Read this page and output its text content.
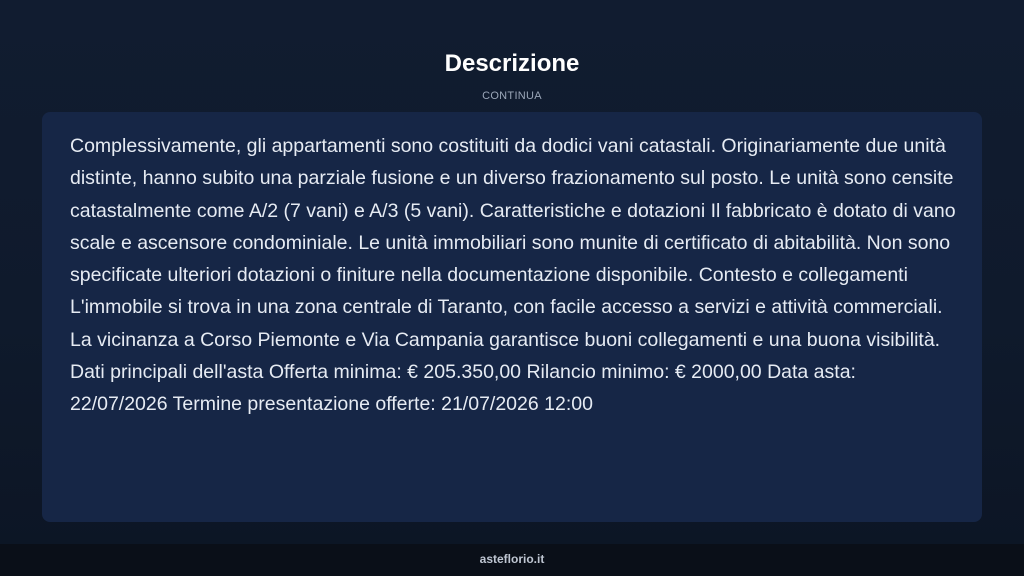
Descrizione
CONTINUA

Complessivamente, gli appartamenti sono costituiti da dodici vani catastali. Originariamente due unità distinte, hanno subito una parziale fusione e un diverso frazionamento sul posto. Le unità sono censite catastalmente come A/2 (7 vani) e A/3 (5 vani). Caratteristiche e dotazioni Il fabbricato è dotato di vano scale e ascensore condominiale. Le unità immobiliari sono munite di certificato di abitabilità. Non sono specificate ulteriori dotazioni o finiture nella documentazione disponibile. Contesto e collegamenti L'immobile si trova in una zona centrale di Taranto, con facile accesso a servizi e attività commerciali. La vicinanza a Corso Piemonte e Via Campania garantisce buoni collegamenti e una buona visibilità. Dati principali dell'asta Offerta minima: € 205.350,00 Rilancio minimo: € 2000,00 Data asta: 22/07/2026 Termine presentazione offerte: 21/07/2026 12:00

asteflorio.it
